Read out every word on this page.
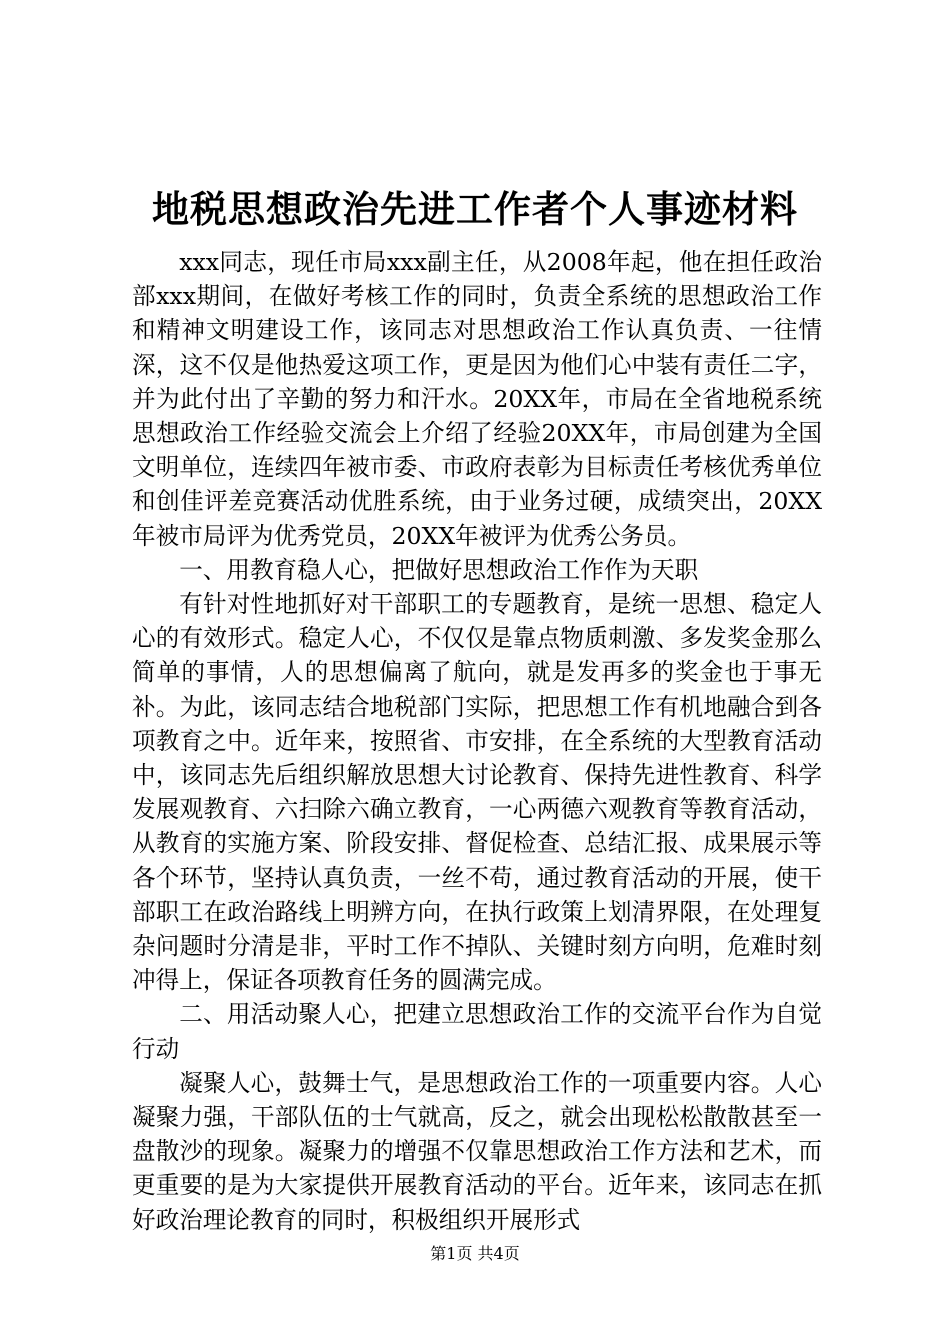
地税思想政治先进工作者个人事迹材料

xxx同志，现任市局xxx副主任，从2008年起，他在担任政治部xxx期间，在做好考核工作的同时，负责全系统的思想政治工作和精神文明建设工作，该同志对思想政治工作认真负责、一往情深，这不仅是他热爱这项工作，更是因为他们心中装有责任二字，并为此付出了辛勤的努力和汗水。20XX年，市局在全省地税系统思想政治工作经验交流会上介绍了经验20XX年，市局创建为全国文明单位，连续四年被市委、市政府表彰为目标责任考核优秀单位和创佳评差竞赛活动优胜系统，由于业务过硬，成绩突出，20XX年被市局评为优秀党员，20XX年被评为优秀公务员。

一、用教育稳人心，把做好思想政治工作作为天职

有针对性地抓好对干部职工的专题教育，是统一思想、稳定人心的有效形式。稳定人心，不仅仅是靠点物质刺激、多发奖金那么简单的事情，人的思想偏离了航向，就是发再多的奖金也于事无补。为此，该同志结合地税部门实际，把思想工作有机地融合到各项教育之中。近年来，按照省、市安排，在全系统的大型教育活动中，该同志先后组织解放思想大讨论教育、保持先进性教育、科学发展观教育、六扫除六确立教育，一心两德六观教育等教育活动，从教育的实施方案、阶段安排、督促检查、总结汇报、成果展示等各个环节，坚持认真负责，一丝不苟，通过教育活动的开展，使干部职工在政治路线上明辨方向，在执行政策上划清界限，在处理复杂问题时分清是非，平时工作不掉队、关键时刻方向明，危难时刻冲得上，保证各项教育任务的圆满完成。

二、用活动聚人心，把建立思想政治工作的交流平台作为自觉行动

凝聚人心，鼓舞士气，是思想政治工作的一项重要内容。人心凝聚力强，干部队伍的士气就高，反之，就会出现松松散散甚至一盘散沙的现象。凝聚力的增强不仅靠思想政治工作方法和艺术，而更重要的是为大家提供开展教育活动的平台。近年来，该同志在抓好政治理论教育的同时，积极组织开展形式

第1页 共4页
